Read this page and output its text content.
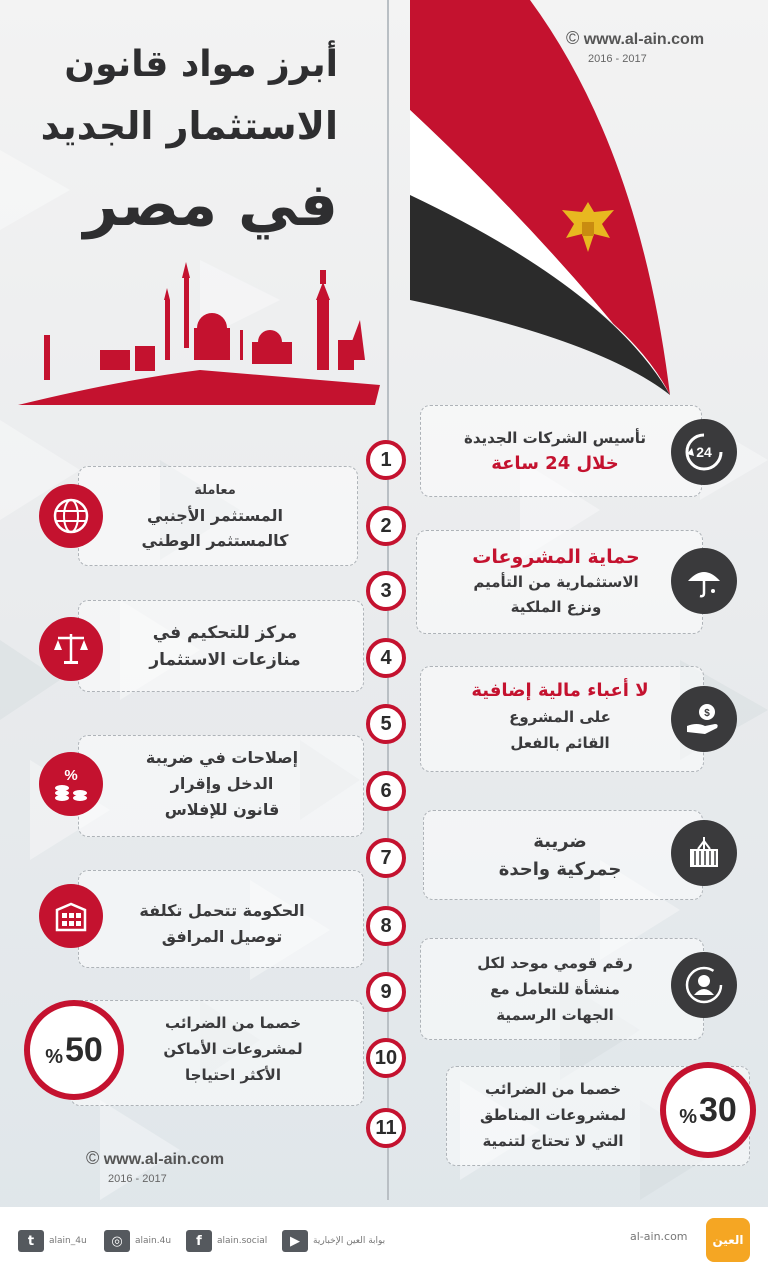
أبرز مواد قانون
الاستثمار الجديد
في مصر
© www.al-ain.com
2016 - 2017
تأسيس الشركات الجديدة
خلال 24 ساعة
24
معاملة
المستثمر الأجنبي
كالمستثمر الوطني
حماية المشروعات
الاستثمارية من التأميم
ونزع الملكية
مركز للتحكيم في
منازعات الاستثمار
لا أعباء مالية إضافية
على المشروع
القائم بالفعل
$
إصلاحات في ضريبة
الدخل وإقرار
قانون للإفلاس
%
ضريبة
جمركية واحدة
الحكومة تتحمل تكلفة
توصيل المرافق
رقم قومي موحد لكل
منشأة للتعامل مع
الجهات الرسمية
خصما من الضرائب
لمشروعات الأماكن
الأكثر احتياجا
% 50
خصما من الضرائب
لمشروعات المناطق
التي لا تحتاج لتنمية
% 30
1
2
3
4
5
6
7
8
9
10
11
© www.al-ain.com
2016 - 2017
t	alain_4u	◎	alain.4u	f	alain.social	▶	بوابة العين الإخبارية	al-ain.com العين
